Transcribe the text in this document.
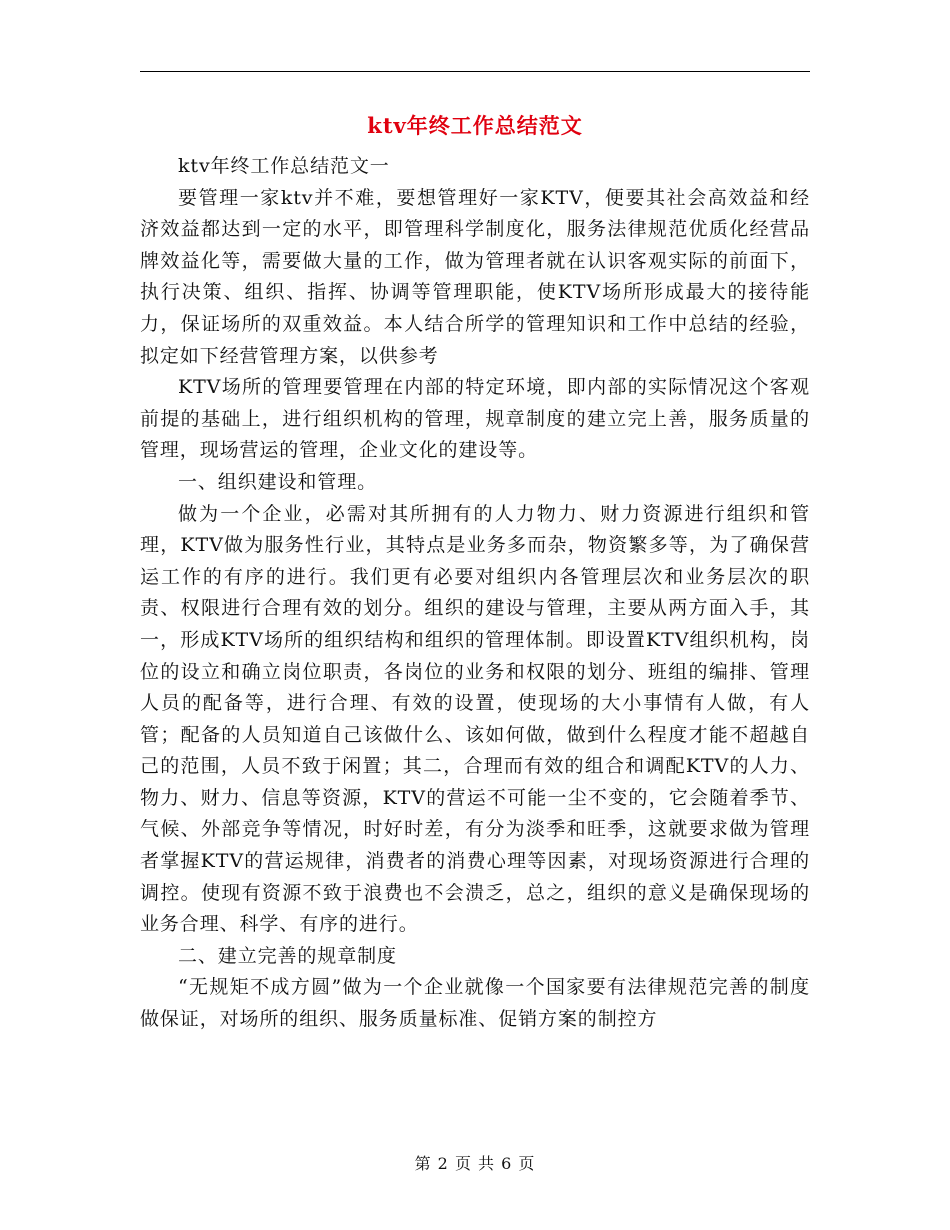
ktv年终工作总结范文

ktv年终工作总结范文一

要管理一家ktv并不难，要想管理好一家KTV，便要其社会高效益和经济效益都达到一定的水平，即管理科学制度化，服务法律规范优质化经营品牌效益化等，需要做大量的工作，做为管理者就在认识客观实际的前面下，执行决策、组织、指挥、协调等管理职能，使KTV场所形成最大的接待能力，保证场所的双重效益。本人结合所学的管理知识和工作中总结的经验，拟定如下经营管理方案，以供参考

KTV场所的管理要管理在内部的特定环境，即内部的实际情况这个客观前提的基础上，进行组织机构的管理，规章制度的建立完上善，服务质量的管理，现场营运的管理，企业文化的建设等。

一、组织建设和管理。

做为一个企业，必需对其所拥有的人力物力、财力资源进行组织和管理，KTV做为服务性行业，其特点是业务多而杂，物资繁多等，为了确保营运工作的有序的进行。我们更有必要对组织内各管理层次和业务层次的职责、权限进行合理有效的划分。组织的建设与管理，主要从两方面入手，其一，形成KTV场所的组织结构和组织的管理体制。即设置KTV组织机构，岗位的设立和确立岗位职责，各岗位的业务和权限的划分、班组的编排、管理人员的配备等，进行合理、有效的设置，使现场的大小事情有人做，有人管；配备的人员知道自己该做什么、该如何做，做到什么程度才能不超越自己的范围，人员不致于闲置；其二，合理而有效的组合和调配KTV的人力、物力、财力、信息等资源，KTV的营运不可能一尘不变的，它会随着季节、气候、外部竞争等情况，时好时差，有分为淡季和旺季，这就要求做为管理者掌握KTV的营运规律，消费者的消费心理等因素，对现场资源进行合理的调控。使现有资源不致于浪费也不会溃乏，总之，组织的意义是确保现场的业务合理、科学、有序的进行。

二、建立完善的规章制度

“无规矩不成方圆”做为一个企业就像一个国家要有法律规范完善的制度做保证，对场所的组织、服务质量标准、促销方案的制控方

第 2 页 共 6 页
